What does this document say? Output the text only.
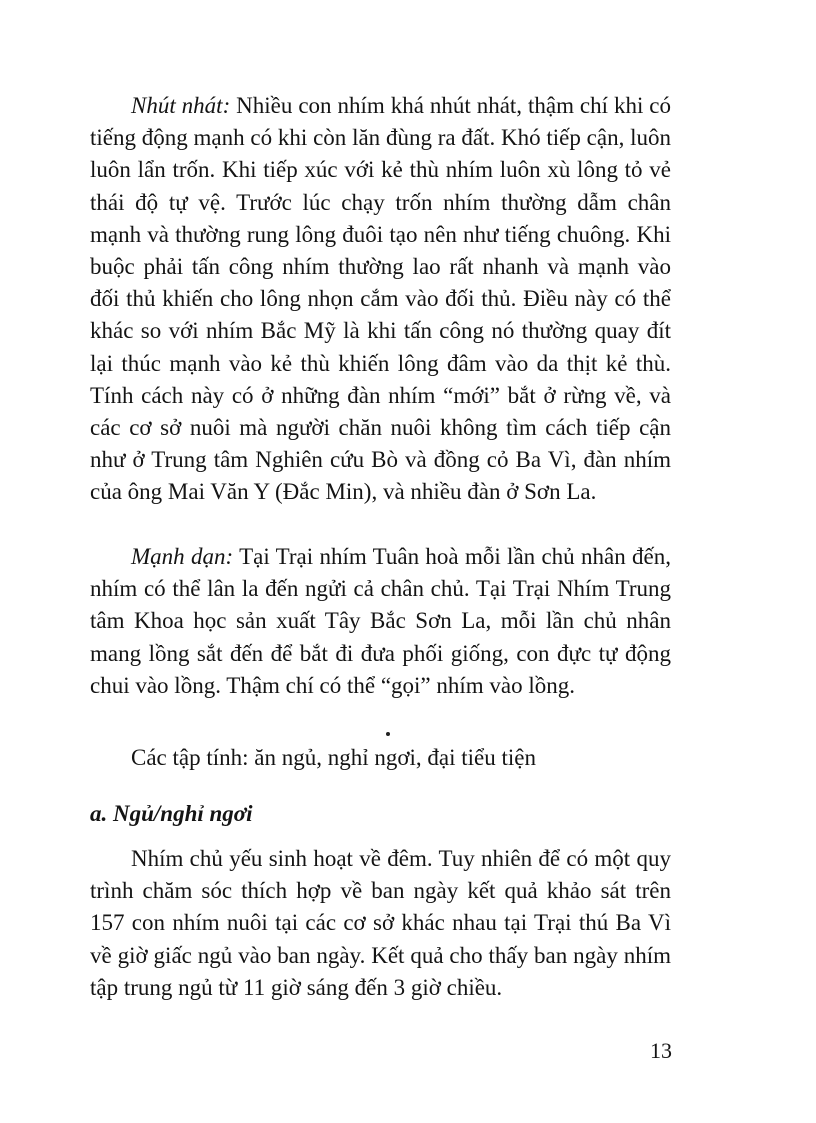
Nhút nhát: Nhiều con nhím khá nhút nhát, thậm chí khi có tiếng động mạnh có khi còn lăn đùng ra đất. Khó tiếp cận, luôn luôn lẩn trốn. Khi tiếp xúc với kẻ thù nhím luôn xù lông tỏ vẻ thái độ tự vệ. Trước lúc chạy trốn nhím thường dẫm chân mạnh và thường rung lông đuôi tạo nên như tiếng chuông. Khi buộc phải tấn công nhím thường lao rất nhanh và mạnh vào đối thủ khiến cho lông nhọn cắm vào đối thủ. Điều này có thể khác so với nhím Bắc Mỹ là khi tấn công nó thường quay đít lại thúc mạnh vào kẻ thù khiến lông đâm vào da thịt kẻ thù. Tính cách này có ở những đàn nhím “mới” bắt ở rừng về, và các cơ sở nuôi mà người chăn nuôi không tìm cách tiếp cận như ở Trung tâm Nghiên cứu Bò và đồng cỏ Ba Vì, đàn nhím của ông Mai Văn Y (Đắc Min), và nhiều đàn ở Sơn La.

Mạnh dạn: Tại Trại nhím Tuân hoà mỗi lần chủ nhân đến, nhím có thể lân la đến ngửi cả chân chủ. Tại Trại Nhím Trung tâm Khoa học sản xuất Tây Bắc Sơn La, mỗi lần chủ nhân mang lồng sắt đến để bắt đi đưa phối giống, con đực tự động chui vào lồng. Thậm chí có thể “gọi” nhím vào lồng.

Các tập tính: ăn ngủ, nghỉ ngơi, đại tiểu tiện

a. Ngủ/nghỉ ngơi

Nhím chủ yếu sinh hoạt về đêm. Tuy nhiên để có một quy trình chăm sóc thích hợp về ban ngày kết quả khảo sát trên 157 con nhím nuôi tại các cơ sở khác nhau tại Trại thú Ba Vì về giờ giấc ngủ vào ban ngày. Kết quả cho thấy ban ngày nhím tập trung ngủ từ 11 giờ sáng đến 3 giờ chiều.

13
